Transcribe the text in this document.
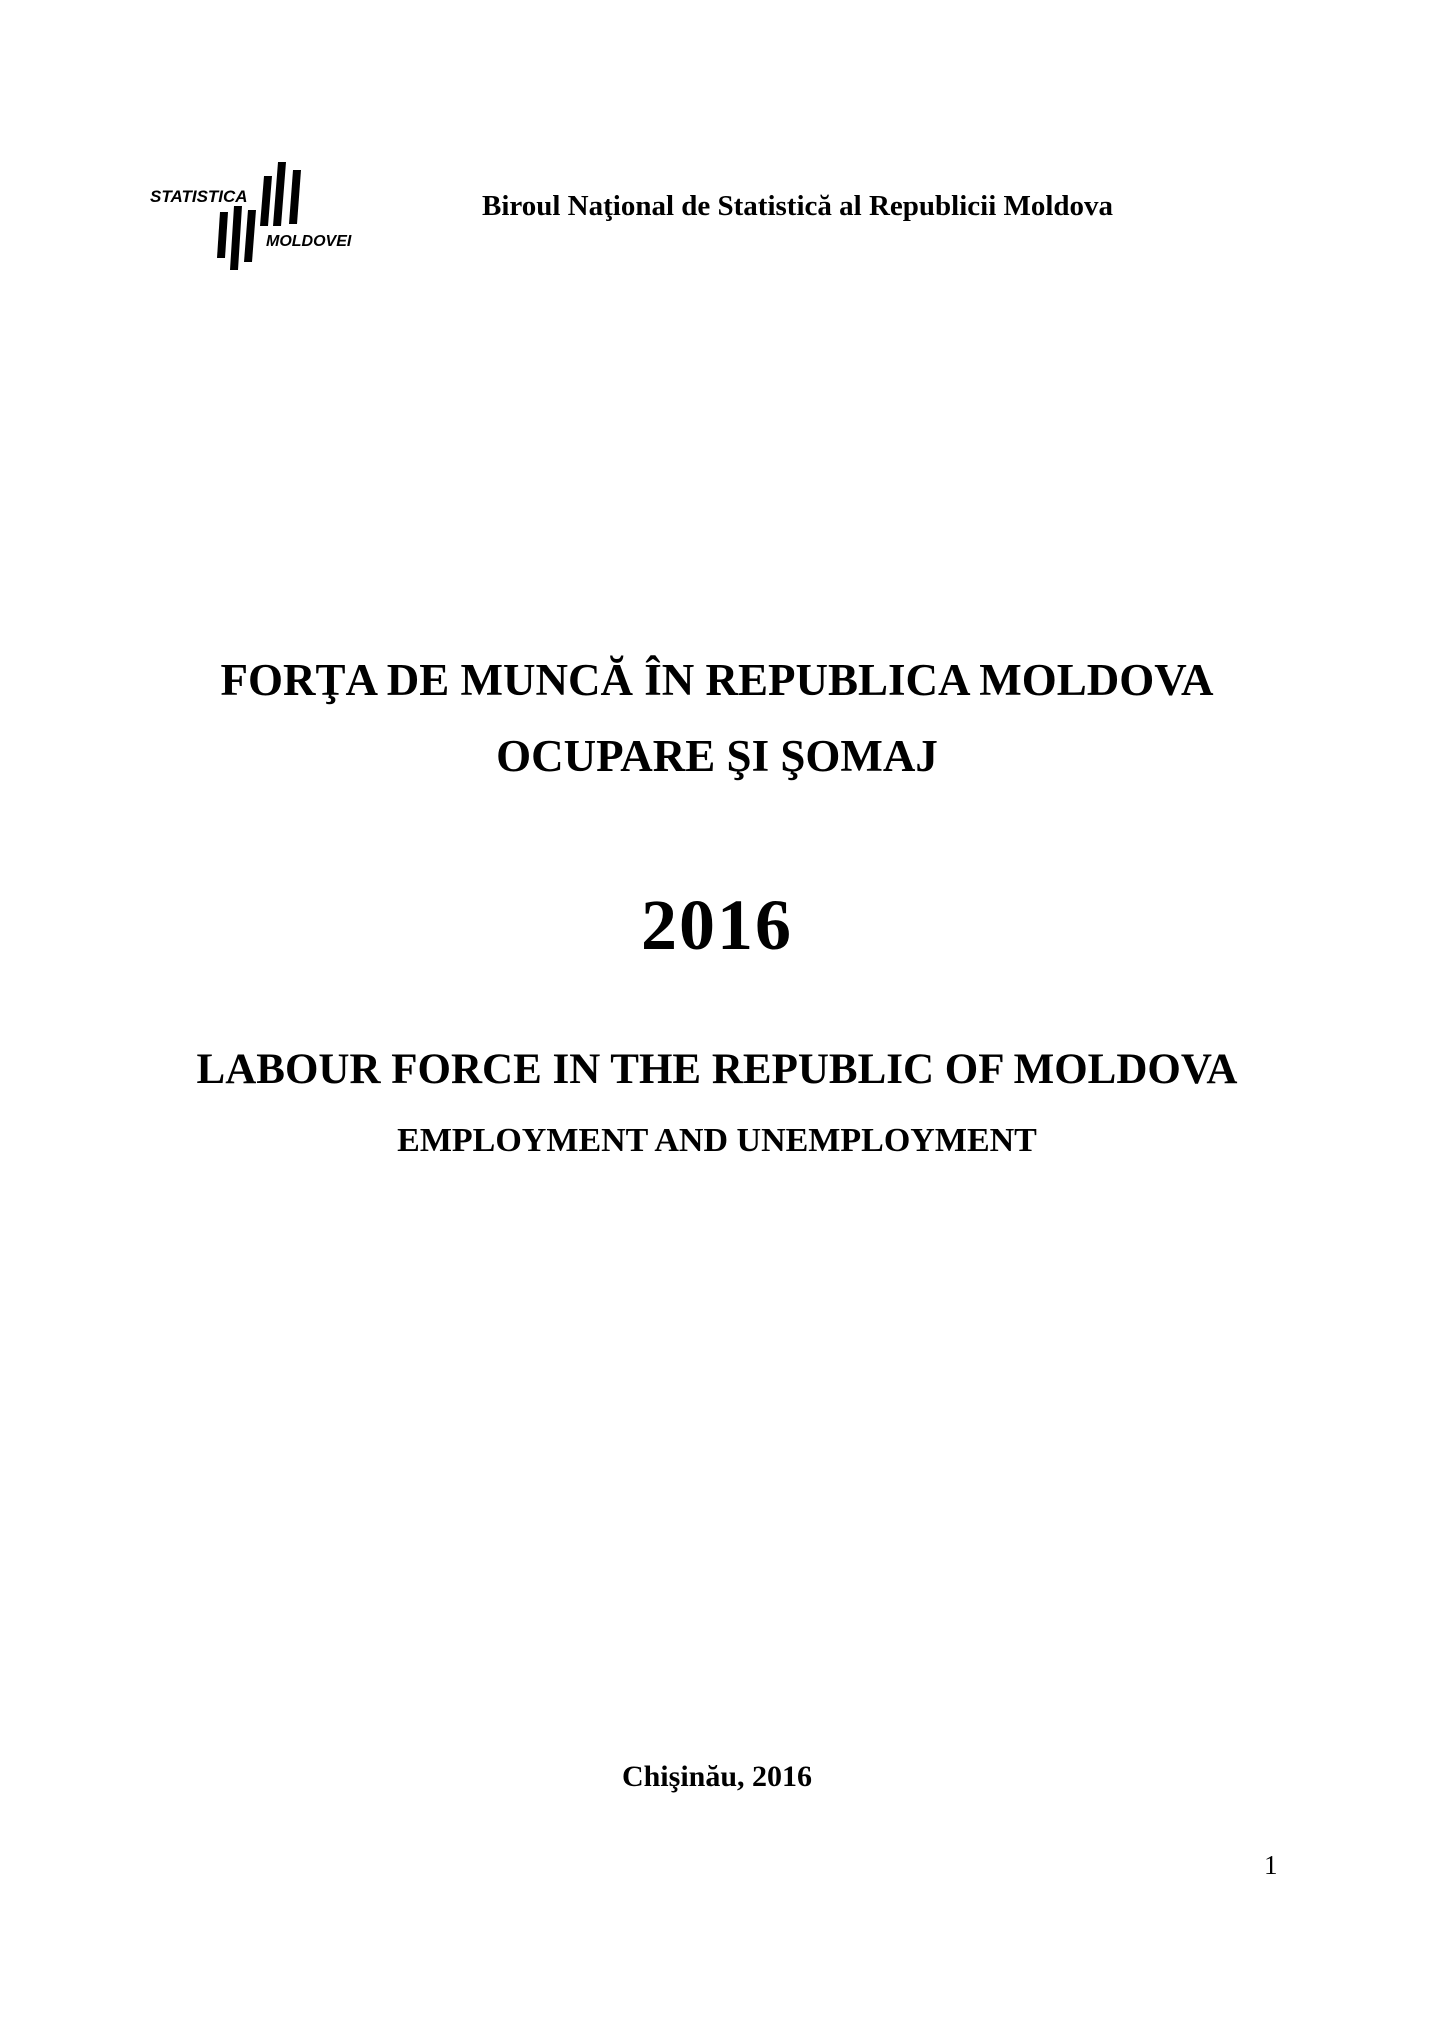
STATISTICA
MOLDOVEI
Biroul Naţional de Statistică al Republicii Moldova
FORŢA DE MUNCĂ ÎN REPUBLICA MOLDOVA
OCUPARE ŞI ŞOMAJ
2016
LABOUR FORCE IN THE REPUBLIC OF MOLDOVA
EMPLOYMENT AND UNEMPLOYMENT
Chişinău, 2016
1
